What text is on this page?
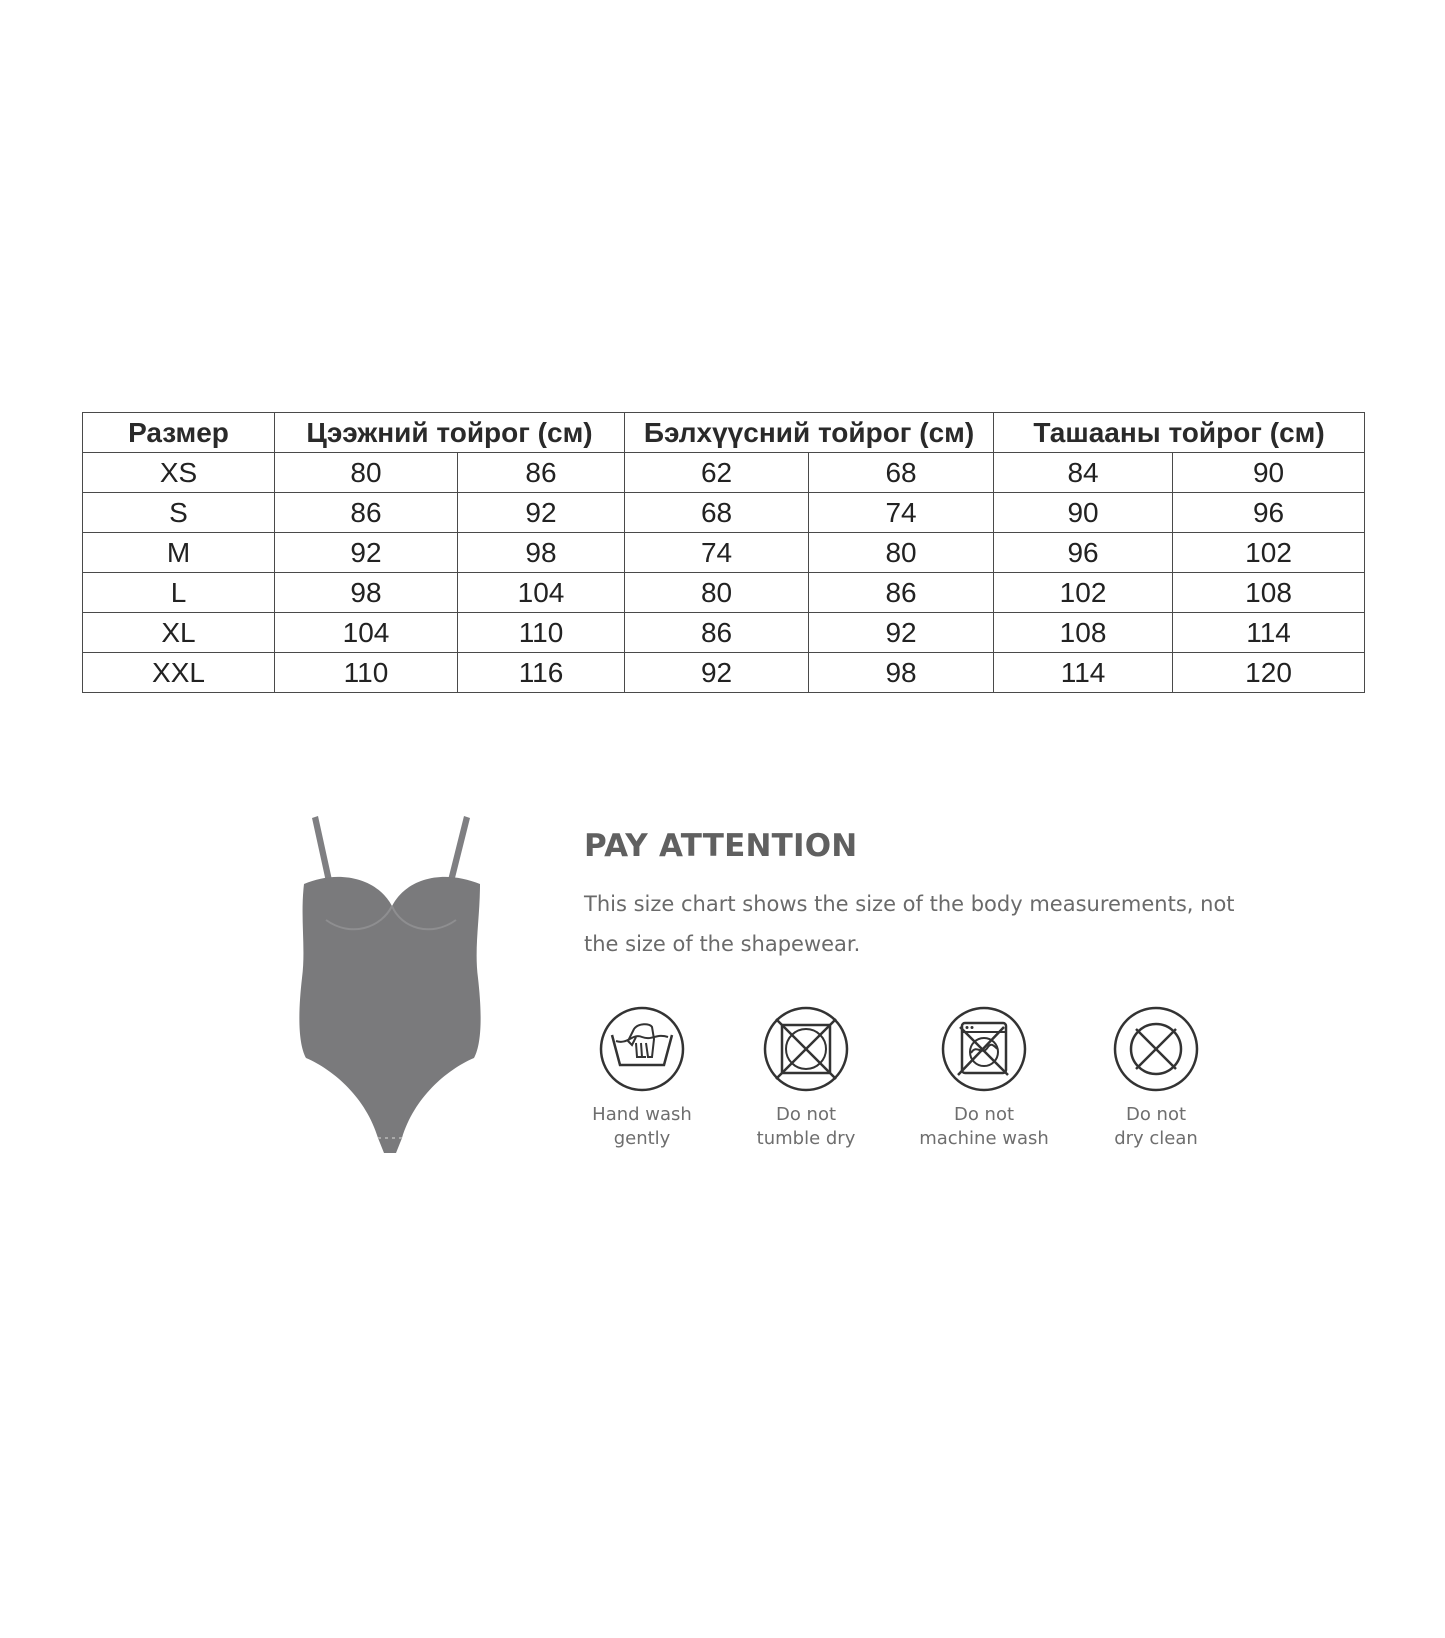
Размер	Цээжний тойрог (см)		Бэлхүүсний тойрог (см)		Ташааны тойрог (см)	
XS	80	86	62	68	84	90
S	86	92	68	74	90	96
M	92	98	74	80	96	102
L	98	104	80	86	102	108
XL	104	110	86	92	108	114
XXL	110	116	92	98	114	120
PAY ATTENTION

This size chart shows the size of the body measurements, not the size of the shapewear.

Hand wash
gently
Do not
tumble dry
Do not
machine wash
Do not
dry clean
